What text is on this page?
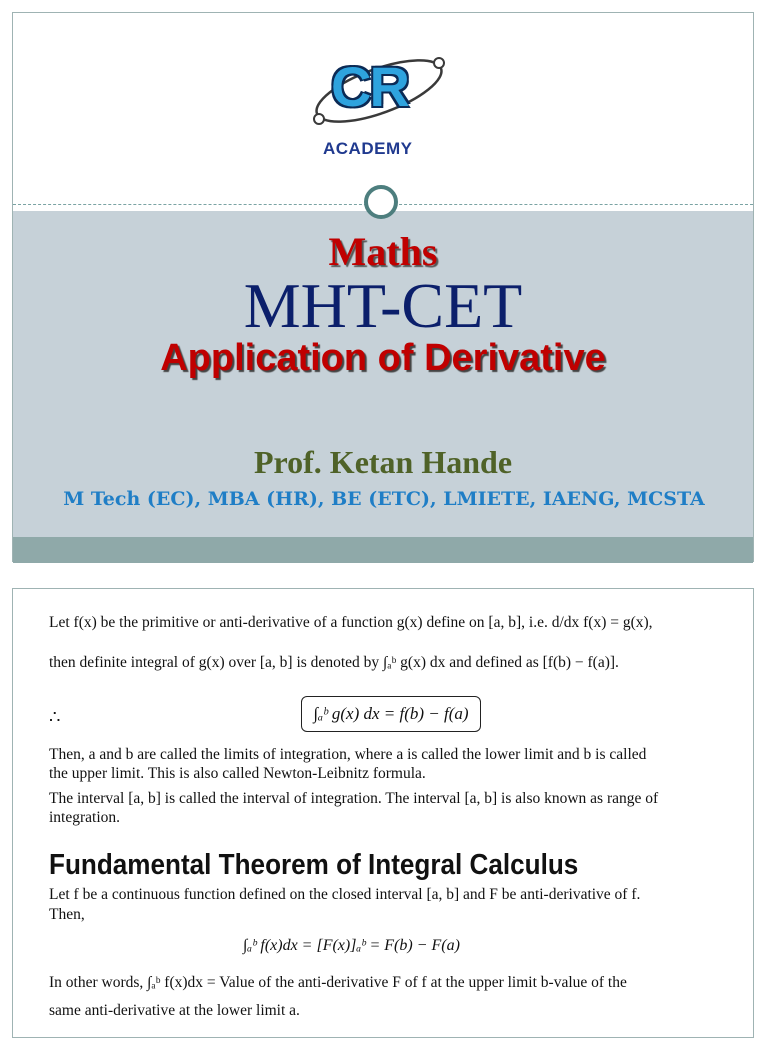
CR
ACADEMY
Maths
MHT-CET
Application of Derivative
Prof. Ketan Hande
M Tech (EC), MBA (HR), BE (ETC), LMIETE, IAENG, MCSTA
Let f(x) be the primitive or anti-derivative of a function g(x) define on [a, b], i.e. d/dx f(x) = g(x),
then definite integral of g(x) over [a, b] is denoted by ∫ₐᵇ g(x) dx and defined as [f(b) − f(a)].
∴	∫ₐᵇ g(x) dx = f(b) − f(a)
Then, a and b are called the limits of integration, where a is called the lower limit and b is called
the upper limit. This is also called Newton-Leibnitz formula.
The interval [a, b] is called the interval of integration. The interval [a, b] is also known as range of
integration.
Fundamental Theorem of Integral Calculus
Let f be a continuous function defined on the closed interval [a, b] and F be anti-derivative of f.
Then,
∫ₐᵇ f(x)dx = [F(x)]ₐᵇ = F(b) − F(a)
In other words, ∫ₐᵇ f(x)dx = Value of the anti-derivative F of f at the upper limit b-value of the
same anti-derivative at the lower limit a.
